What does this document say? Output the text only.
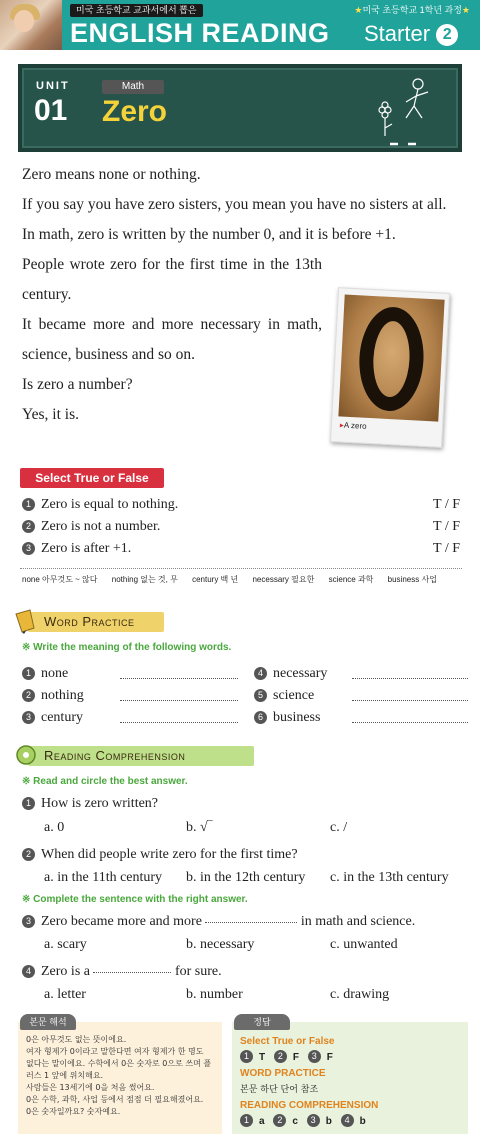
미국 초등학교 교과서에서 뽑은	★미국 초등학교 1학년 과정★
ENGLISH READING Starter 2
UNIT
01
Math
Zero

Zero means none or nothing.

If you say you have zero sisters, you mean you have no sisters at all.

In math, zero is written by the number 0, and it is before +1.

People wrote zero for the first time in the 13th century.

It became more and more necessary in math, science, business and so on.

Is zero a number?

Yes, it is.

▸A zero
Select True or False
1 Zero is equal to nothing.	T / F
2 Zero is not a number.	T / F
3 Zero is after +1.	T / F
none 아무것도 ~ 않다 nothing 없는 것, 무 century 백 년 necessary 필요한 science 과학 business 사업
Word Practice
※ Write the meaning of the following words.
1 none
2 nothing
3 century
4 necessary
5 science
6 business
Reading Comprehension
※ Read and circle the best answer.
1 How is zero written?
a. 0	b. √‾	c. /
2 When did people write zero for the first time?
a. in the 11th century b. in the 12th century c. in the 13th century
※ Complete the sentence with the right answer.
3 Zero became more and more	in math and science.
a. scary	b. necessary	c. unwanted
4 Zero is a	for sure.
a. letter	b. number	c. drawing
본문 해석
0은 아무것도 없는 뜻이에요.
여자 형제가 0이라고 말한다면 여자 형제가 한 명도
없다는 말이에요. 수학에서 0은 숫자로 0으로 쓰며 플
러스 1 앞에 위치해요.
사람들은 13세기에 0을 처음 썼어요.
0은 수학, 과학, 사업 등에서 점점 더 필요해졌어요.
0은 숫자일까요? 숫자예요.
정답
Select True or False
1 T 2 F 3 F
WORD PRACTICE
본문 하단 단어 참조
READING COMPREHENSION
1 a 2 c 3 b 4 b
